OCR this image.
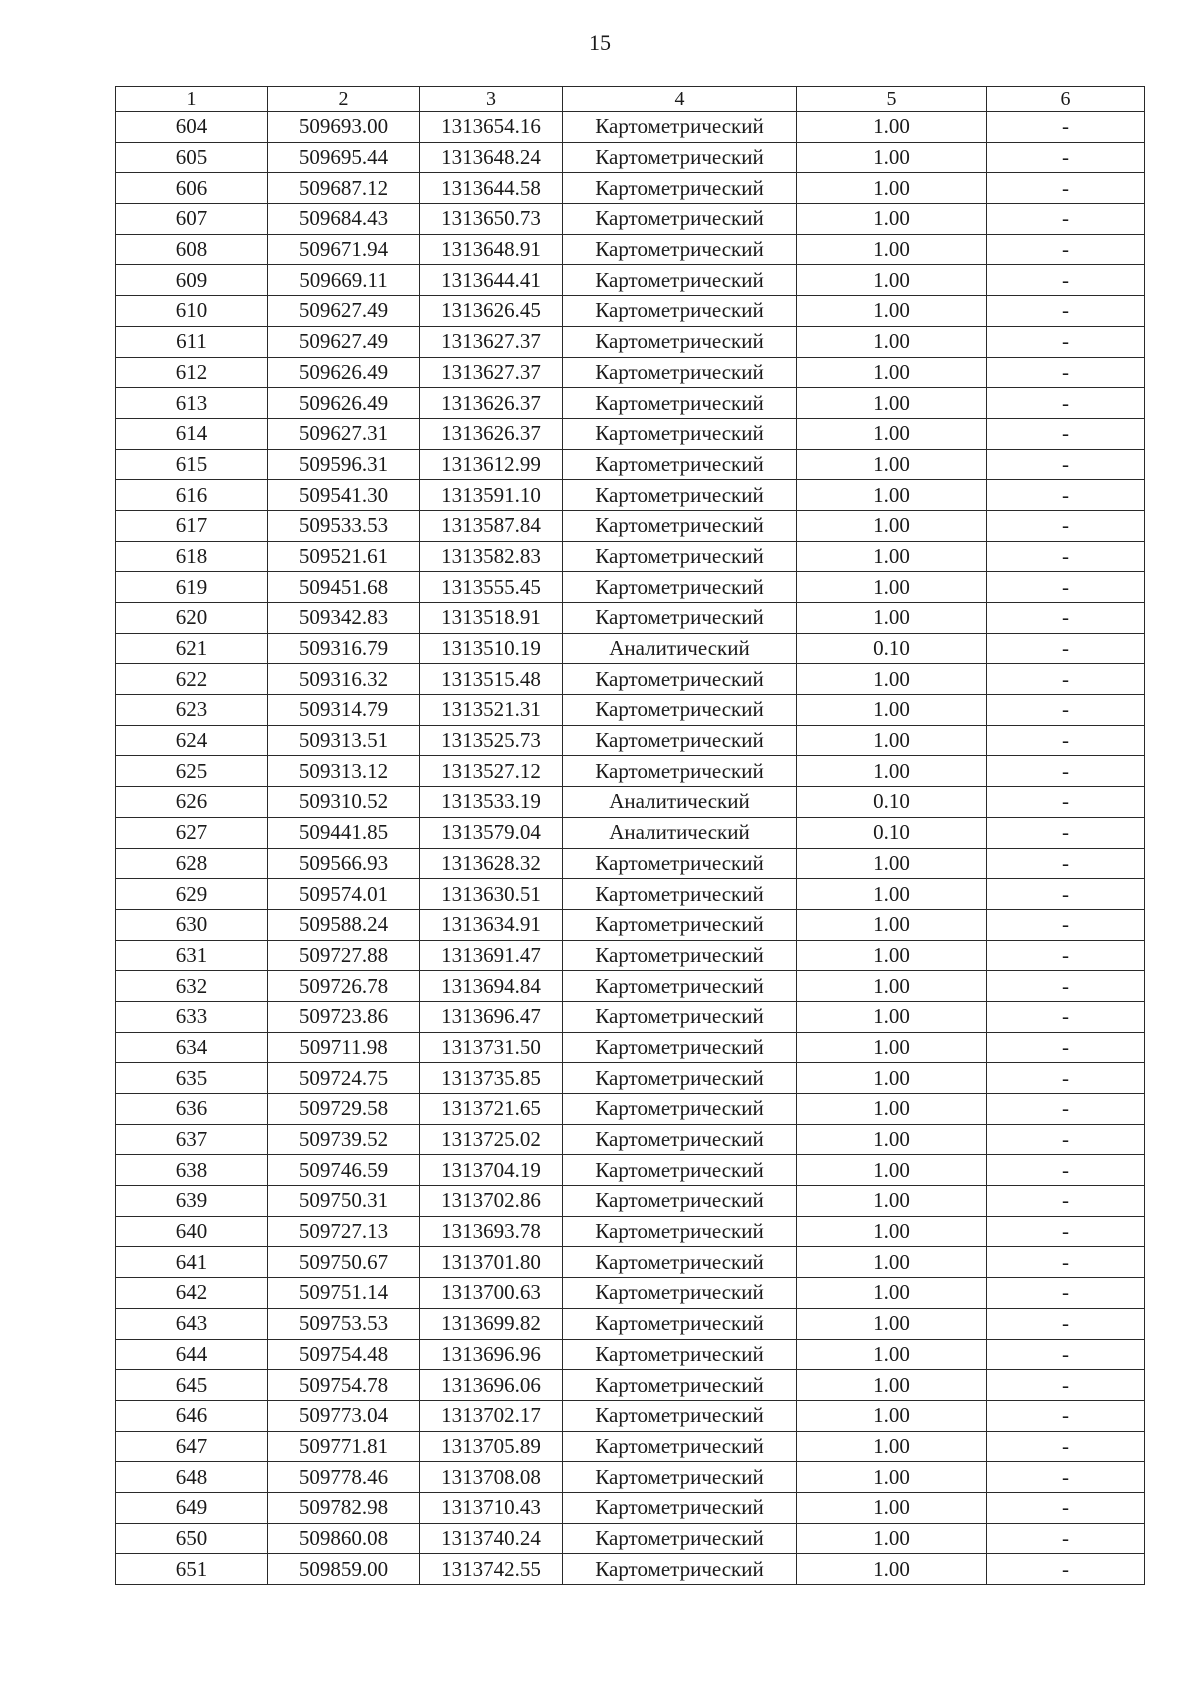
15
1	2	3	4	5	6
604	509693.00	1313654.16	Картометрический	1.00	-
605	509695.44	1313648.24	Картометрический	1.00	-
606	509687.12	1313644.58	Картометрический	1.00	-
607	509684.43	1313650.73	Картометрический	1.00	-
608	509671.94	1313648.91	Картометрический	1.00	-
609	509669.11	1313644.41	Картометрический	1.00	-
610	509627.49	1313626.45	Картометрический	1.00	-
611	509627.49	1313627.37	Картометрический	1.00	-
612	509626.49	1313627.37	Картометрический	1.00	-
613	509626.49	1313626.37	Картометрический	1.00	-
614	509627.31	1313626.37	Картометрический	1.00	-
615	509596.31	1313612.99	Картометрический	1.00	-
616	509541.30	1313591.10	Картометрический	1.00	-
617	509533.53	1313587.84	Картометрический	1.00	-
618	509521.61	1313582.83	Картометрический	1.00	-
619	509451.68	1313555.45	Картометрический	1.00	-
620	509342.83	1313518.91	Картометрический	1.00	-
621	509316.79	1313510.19	Аналитический	0.10	-
622	509316.32	1313515.48	Картометрический	1.00	-
623	509314.79	1313521.31	Картометрический	1.00	-
624	509313.51	1313525.73	Картометрический	1.00	-
625	509313.12	1313527.12	Картометрический	1.00	-
626	509310.52	1313533.19	Аналитический	0.10	-
627	509441.85	1313579.04	Аналитический	0.10	-
628	509566.93	1313628.32	Картометрический	1.00	-
629	509574.01	1313630.51	Картометрический	1.00	-
630	509588.24	1313634.91	Картометрический	1.00	-
631	509727.88	1313691.47	Картометрический	1.00	-
632	509726.78	1313694.84	Картометрический	1.00	-
633	509723.86	1313696.47	Картометрический	1.00	-
634	509711.98	1313731.50	Картометрический	1.00	-
635	509724.75	1313735.85	Картометрический	1.00	-
636	509729.58	1313721.65	Картометрический	1.00	-
637	509739.52	1313725.02	Картометрический	1.00	-
638	509746.59	1313704.19	Картометрический	1.00	-
639	509750.31	1313702.86	Картометрический	1.00	-
640	509727.13	1313693.78	Картометрический	1.00	-
641	509750.67	1313701.80	Картометрический	1.00	-
642	509751.14	1313700.63	Картометрический	1.00	-
643	509753.53	1313699.82	Картометрический	1.00	-
644	509754.48	1313696.96	Картометрический	1.00	-
645	509754.78	1313696.06	Картометрический	1.00	-
646	509773.04	1313702.17	Картометрический	1.00	-
647	509771.81	1313705.89	Картометрический	1.00	-
648	509778.46	1313708.08	Картометрический	1.00	-
649	509782.98	1313710.43	Картометрический	1.00	-
650	509860.08	1313740.24	Картометрический	1.00	-
651	509859.00	1313742.55	Картометрический	1.00	-
